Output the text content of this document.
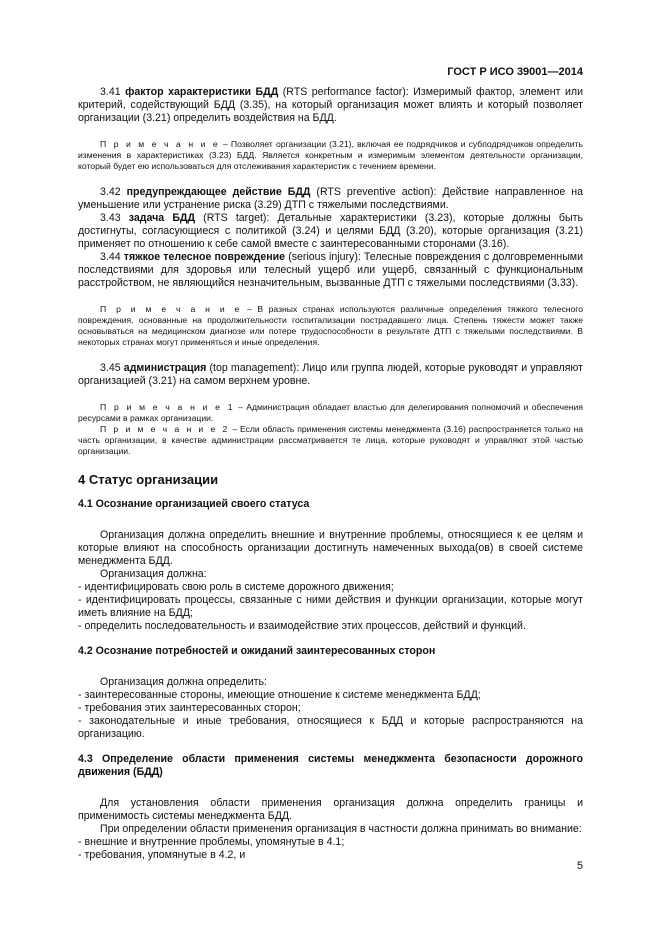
ГОСТ Р ИСО 39001—2014

3.41 фактор характеристики БДД (RTS performance factor): Измеримый фактор, элемент или критерий, содействующий БДД (3.35), на который организация может влиять и который позволяет организации (3.21) определить воздействия на БДД.

П р и м е ч а н и е – Позволяет организации (3.21), включая ее подрядчиков и субподрядчиков определить изменения в характеристиках (3.23) БДД. Является конкретным и измеримым элементом деятельности организации, который будет ею использоваться для отслеживания характеристик с течением времени.

3.42 предупреждающее действие БДД (RTS preventive action): Действие направленное на уменьшение или устранение риска (3.29) ДТП с тяжелыми последствиями.

3.43 задача БДД (RTS target): Детальные характеристики (3.23), которые должны быть достигнуты, согласующиеся с политикой (3.24) и целями БДД (3.20), которые организация (3.21) применяет по отношению к себе самой вместе с заинтересованными сторонами (3.16).

3.44 тяжкое телесное повреждение (serious injury): Телесные повреждения с долговременными последствиями для здоровья или телесный ущерб или ущерб, связанный с функциональным расстройством, не являющийся незначительным, вызванные ДТП с тяжелыми последствиями (3.33).

П р и м е ч а н и е – В разных странах используются различные определения тяжкого телесного повреждения, основанные на продолжительности госпитализации пострадавшего лица. Степень тяжести может также основываться на медицинском диагнозе или потере трудоспособности в результате ДТП с тяжелыми последствиями. В некоторых странах могут применяться и иные определения.

3.45 администрация (top management): Лицо или группа людей, которые руководят и управляют организацией (3.21) на самом верхнем уровне.

П р и м е ч а н и е 1 – Администрация обладает властью для делегирования полномочий и обеспечения ресурсами в рамках организации.

П р и м е ч а н и е 2 – Если область применения системы менеджмента (3.16) распространяется только на часть организации, в качестве администрации рассматривается те лица, которые руководят и управляют этой частью организации.

4 Статус организации
4.1 Осознание организацией своего статуса

Организация должна определить внешние и внутренние проблемы, относящиеся к ее целям и которые влияют на способность организации достигнуть намеченных выхода(ов) в своей системе менеджмента БДД.

Организация должна:

- идентифицировать свою роль в системе дорожного движения;

- идентифицировать процессы, связанные с ними действия и функции организации, которые могут иметь влияние на БДД;

- определить последовательность и взаимодействие этих процессов, действий и функций.

4.2 Осознание потребностей и ожиданий заинтересованных сторон

Организация должна определить:

- заинтересованные стороны, имеющие отношение к системе менеджмента БДД;

- требования этих заинтересованных сторон;

- законодательные и иные требования, относящиеся к БДД и которые распространяются на организацию.

4.3 Определение области применения системы менеджмента безопасности дорожного движения (БДД)

Для установления области применения организация должна определить границы и применимость системы менеджмента БДД.

При определении области применения организация в частности должна принимать во внимание:

- внешние и внутренние проблемы, упомянутые в 4.1;

- требования, упомянутые в 4.2, и

5
